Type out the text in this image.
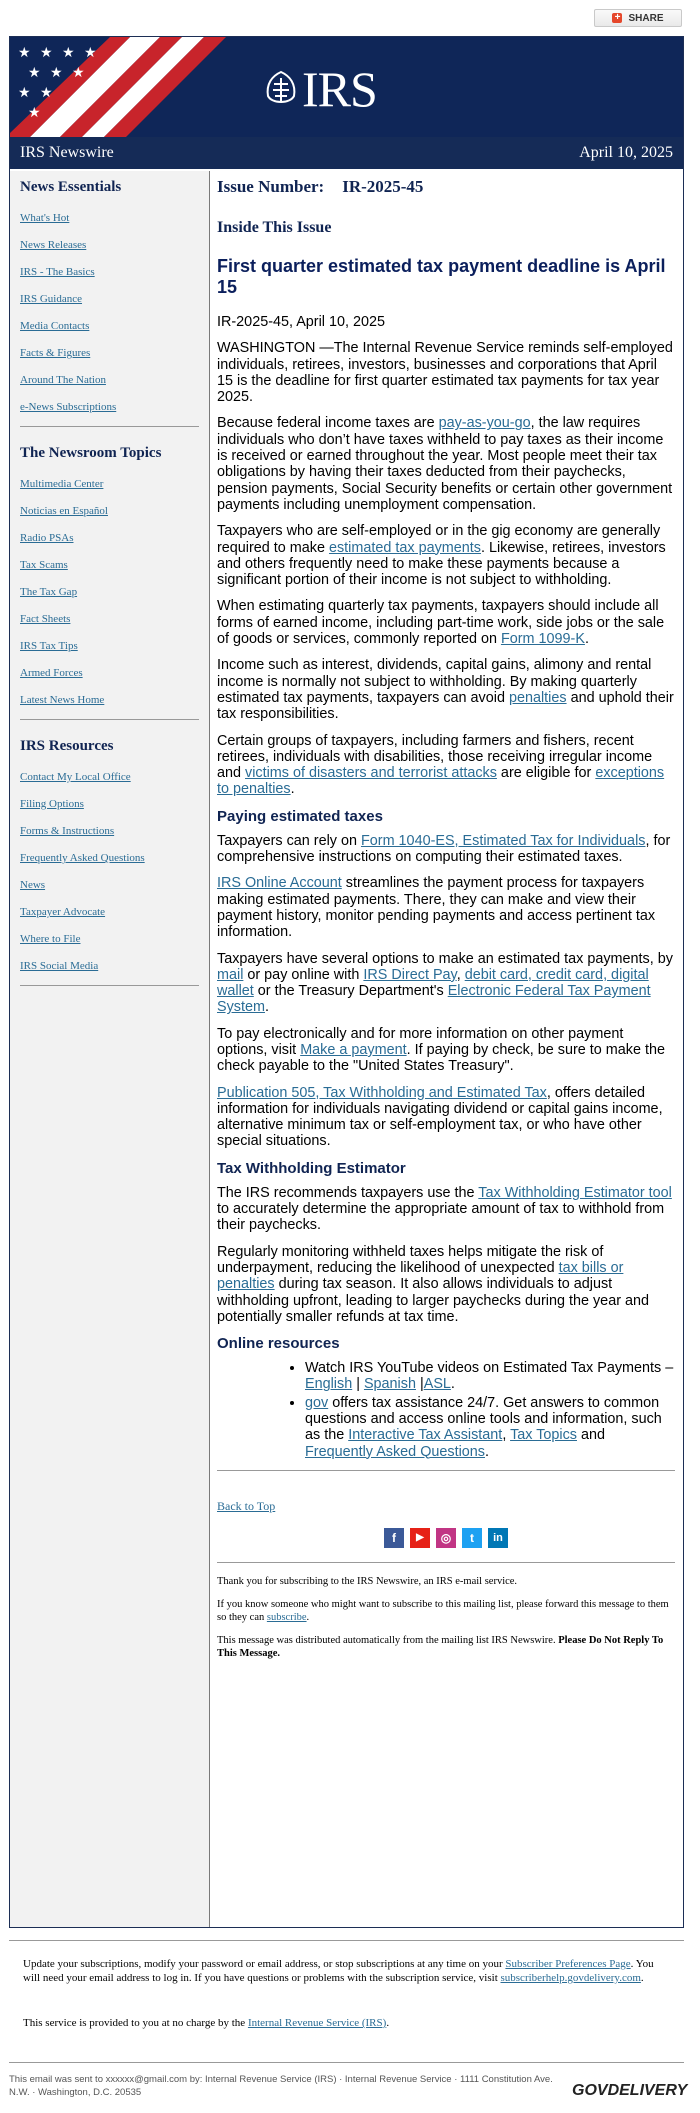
+ SHARE
★ ★ ★ ★
★ ★ ★
★ ★
★	IRS
IRS Newswire	April 10, 2025
News Essentials
What's Hot
News Releases
IRS - The Basics
IRS Guidance
Media Contacts
Facts & Figures
Around The Nation
e-News Subscriptions
The Newsroom Topics
Multimedia Center
Noticias en Español
Radio PSAs
Tax Scams
The Tax Gap
Fact Sheets
IRS Tax Tips
Armed Forces
Latest News Home
IRS Resources
Contact My Local Office
Filing Options
Forms & Instructions
Frequently Asked Questions
News
Taxpayer Advocate
Where to File
IRS Social Media
Issue Number: IR-2025-45
Inside This Issue
First quarter estimated tax payment deadline is April 15
IR-2025-45, April 10, 2025
WASHINGTON —The Internal Revenue Service reminds self-employed individuals, retirees, investors, businesses and corporations that April 15 is the deadline for first quarter estimated tax payments for tax year 2025.
Because federal income taxes are pay-as-you-go, the law requires individuals who don’t have taxes withheld to pay taxes as their income is received or earned throughout the year. Most people meet their tax obligations by having their taxes deducted from their paychecks, pension payments, Social Security benefits or certain other government payments including unemployment compensation.
Taxpayers who are self-employed or in the gig economy are generally required to make estimated tax payments. Likewise, retirees, investors and others frequently need to make these payments because a significant portion of their income is not subject to withholding.
When estimating quarterly tax payments, taxpayers should include all forms of earned income, including part-time work, side jobs or the sale of goods or services, commonly reported on Form 1099-K.
Income such as interest, dividends, capital gains, alimony and rental income is normally not subject to withholding. By making quarterly estimated tax payments, taxpayers can avoid penalties and uphold their tax responsibilities.
Certain groups of taxpayers, including farmers and fishers, recent retirees, individuals with disabilities, those receiving irregular income and victims of disasters and terrorist attacks are eligible for exceptions to penalties.
Paying estimated taxes
Taxpayers can rely on Form 1040-ES, Estimated Tax for Individuals, for comprehensive instructions on computing their estimated taxes.
IRS Online Account streamlines the payment process for taxpayers making estimated payments. There, they can make and view their payment history, monitor pending payments and access pertinent tax information.
Taxpayers have several options to make an estimated tax payments, by mail or pay online with IRS Direct Pay, debit card, credit card, digital wallet or the Treasury Department's Electronic Federal Tax Payment System.
To pay electronically and for more information on other payment options, visit Make a payment. If paying by check, be sure to make the check payable to the "United States Treasury".
Publication 505, Tax Withholding and Estimated Tax, offers detailed information for individuals navigating dividend or capital gains income, alternative minimum tax or self-employment tax, or who have other special situations.
Tax Withholding Estimator
The IRS recommends taxpayers use the Tax Withholding Estimator tool to accurately determine the appropriate amount of tax to withhold from their paychecks.
Regularly monitoring withheld taxes helps mitigate the risk of underpayment, reducing the likelihood of unexpected tax bills or penalties during tax season. It also allows individuals to adjust withholding upfront, leading to larger paychecks during the year and potentially smaller refunds at tax time.
Online resources
• Watch IRS YouTube videos on Estimated Tax Payments – English | Spanish |ASL.
• gov offers tax assistance 24/7. Get answers to common questions and access online tools and information, such as the Interactive Tax Assistant, Tax Topics and Frequently Asked Questions.
Back to Top
f	▶	◎	t	in
Thank you for subscribing to the IRS Newswire, an IRS e-mail service.
If you know someone who might want to subscribe to this mailing list, please forward this message to them so they can subscribe.
This message was distributed automatically from the mailing list IRS Newswire. Please Do Not Reply To This Message.
Update your subscriptions, modify your password or email address, or stop subscriptions at any time on your Subscriber Preferences Page. You will need your email address to log in. If you have questions or problems with the subscription service, visit subscriberhelp.govdelivery.com.
This service is provided to you at no charge by the Internal Revenue Service (IRS).
This email was sent to xxxxxx@gmail.com by: Internal Revenue Service (IRS) · Internal Revenue Service · 1111 Constitution Ave. N.W. · Washington, D.C. 20535	GOVDELIVERY
